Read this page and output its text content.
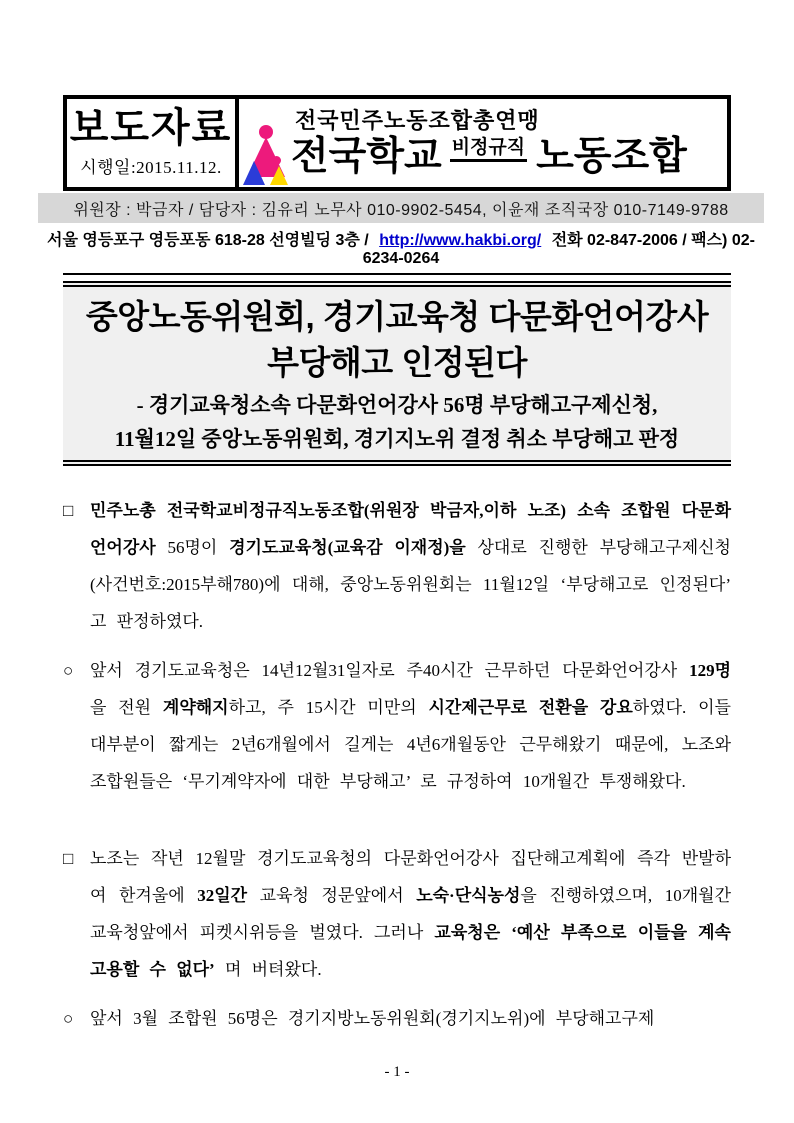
보도자료
시행일:2015.11.12.
전국민주노동조합총연맹
전국학교 비정규직 노동조합
위원장 : 박금자 / 담당자 : 김유리 노무사 010-9902-5454, 이윤재 조직국장 010-7149-9788
서울 영등포구 영등포동 618-28 선영빌딩 3층 / http://www.hakbi.org/ 전화 02-847-2006 / 팩스) 02-6234-0264
중앙노동위원회, 경기교육청 다문화언어강사
부당해고 인정된다
- 경기교육청소속 다문화언어강사 56명 부당해고구제신청,
11월12일 중앙노동위원회, 경기지노위 결정 취소 부당해고 판정

□ 민주노총 전국학교비정규직노동조합(위원장 박금자,이하 노조) 소속 조합원 다문화언어강사 56명이 경기도교육청(교육감 이재정)을 상대로 진행한 부당해고구제신청(사건번호:2015부해780)에 대해, 중앙노동위원회는 11월12일 ‘부당해고로 인정된다’ 고 판정하였다.

○ 앞서 경기도교육청은 14년12월31일자로 주40시간 근무하던 다문화언어강사 129명을 전원 계약해지하고, 주 15시간 미만의 시간제근무로 전환을 강요하였다. 이들 대부분이 짧게는 2년6개월에서 길게는 4년6개월동안 근무해왔기 때문에, 노조와 조합원들은 ‘무기계약자에 대한 부당해고’ 로 규정하여 10개월간 투쟁해왔다.

□ 노조는 작년 12월말 경기도교육청의 다문화언어강사 집단해고계획에 즉각 반발하여 한겨울에 32일간 교육청 정문앞에서 노숙·단식농성을 진행하였으며, 10개월간 교육청앞에서 피켓시위등을 벌였다. 그러나 교육청은 ‘예산 부족으로 이들을 계속 고용할 수 없다’ 며 버텨왔다.

○ 앞서 3월 조합원 56명은 경기지방노동위원회(경기지노위)에 부당해고구제

- 1 -
